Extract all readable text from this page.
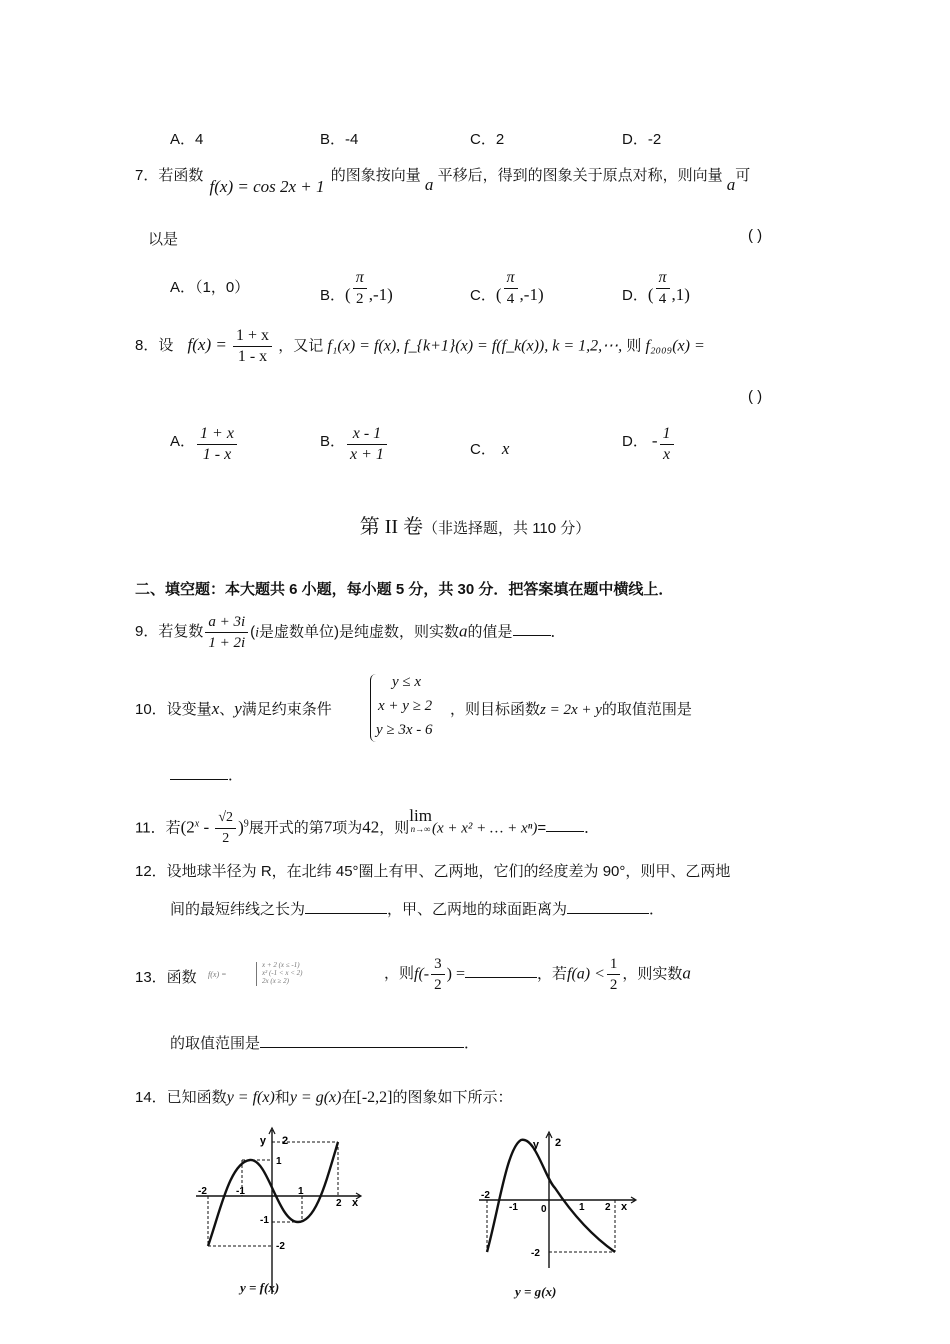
A．4	B．-4	C．2	D．-2
7．若函数 f(x) = cos 2x + 1 的图象按向量 a 平移后，得到的图象关于原点对称，则向量 a可
以是	( )
A．（1，0）	B．( $\frac{\pi}{2} ,-1$)	C．( $\frac{\pi}{4} ,-1$)	D．( $\frac{\pi}{4} ,1$)
8．设 $f(x) = \frac{1 + x}{1 - x}$ ，又记 f₁(x) = f(x), f_{k+1}(x) = f(f_k(x)), k = 1,2,⋯, 则 f₂₀₀₉(x) =
( )
A． $\frac{1 + x}{1 - x}$	B． $\frac{x - 1}{x + 1}$	C． x	D． - $\frac{1}{x}$
第 II 卷（非选择题，共 110 分）
二、填空题：本大题共 6 小题，每小题 5 分，共 30 分．把答案填在题中横线上．
9．若复数 $\frac{a + 3i}{1 + 2i} (i$是虚数单位)是纯虚数，则实数a的值是	．
10．设变量x、y满足约束条件
y ≤ x
x + y ≥ 2
y ≥ 3x - 6
，则目标函数z = 2x + y的取值范围是
．
11．若$(2^x - \frac{√2}{2} )^9$展开式的第7项为42，则
lim
n→∞ (x + x² + … + xⁿ)=	．
12．设地球半径为 R，在北纬 45°圈上有甲、乙两地，它们的经度差为 90°，则甲、乙两地
间的最短纬线之长为	，甲、乙两地的球面距离为	．
13．函数 f(x) =
x + 2 (x ≤ -1)
x² (-1 < x < 2)
2x (x ≥ 2)	，则$f(- \frac{3}{2}$ ) =	，若$f(a) < \frac{1}{2}$ ，则实数a
的取值范围是	．
14．已知函数y = f(x)和y = g(x)在[-2,2]的图象如下所示：
y 2
1
-1
-2
-2	-1	1
2 x
y = f(x)
y 2
0
-2
-2
-1	1 2 x
y = g(x)
